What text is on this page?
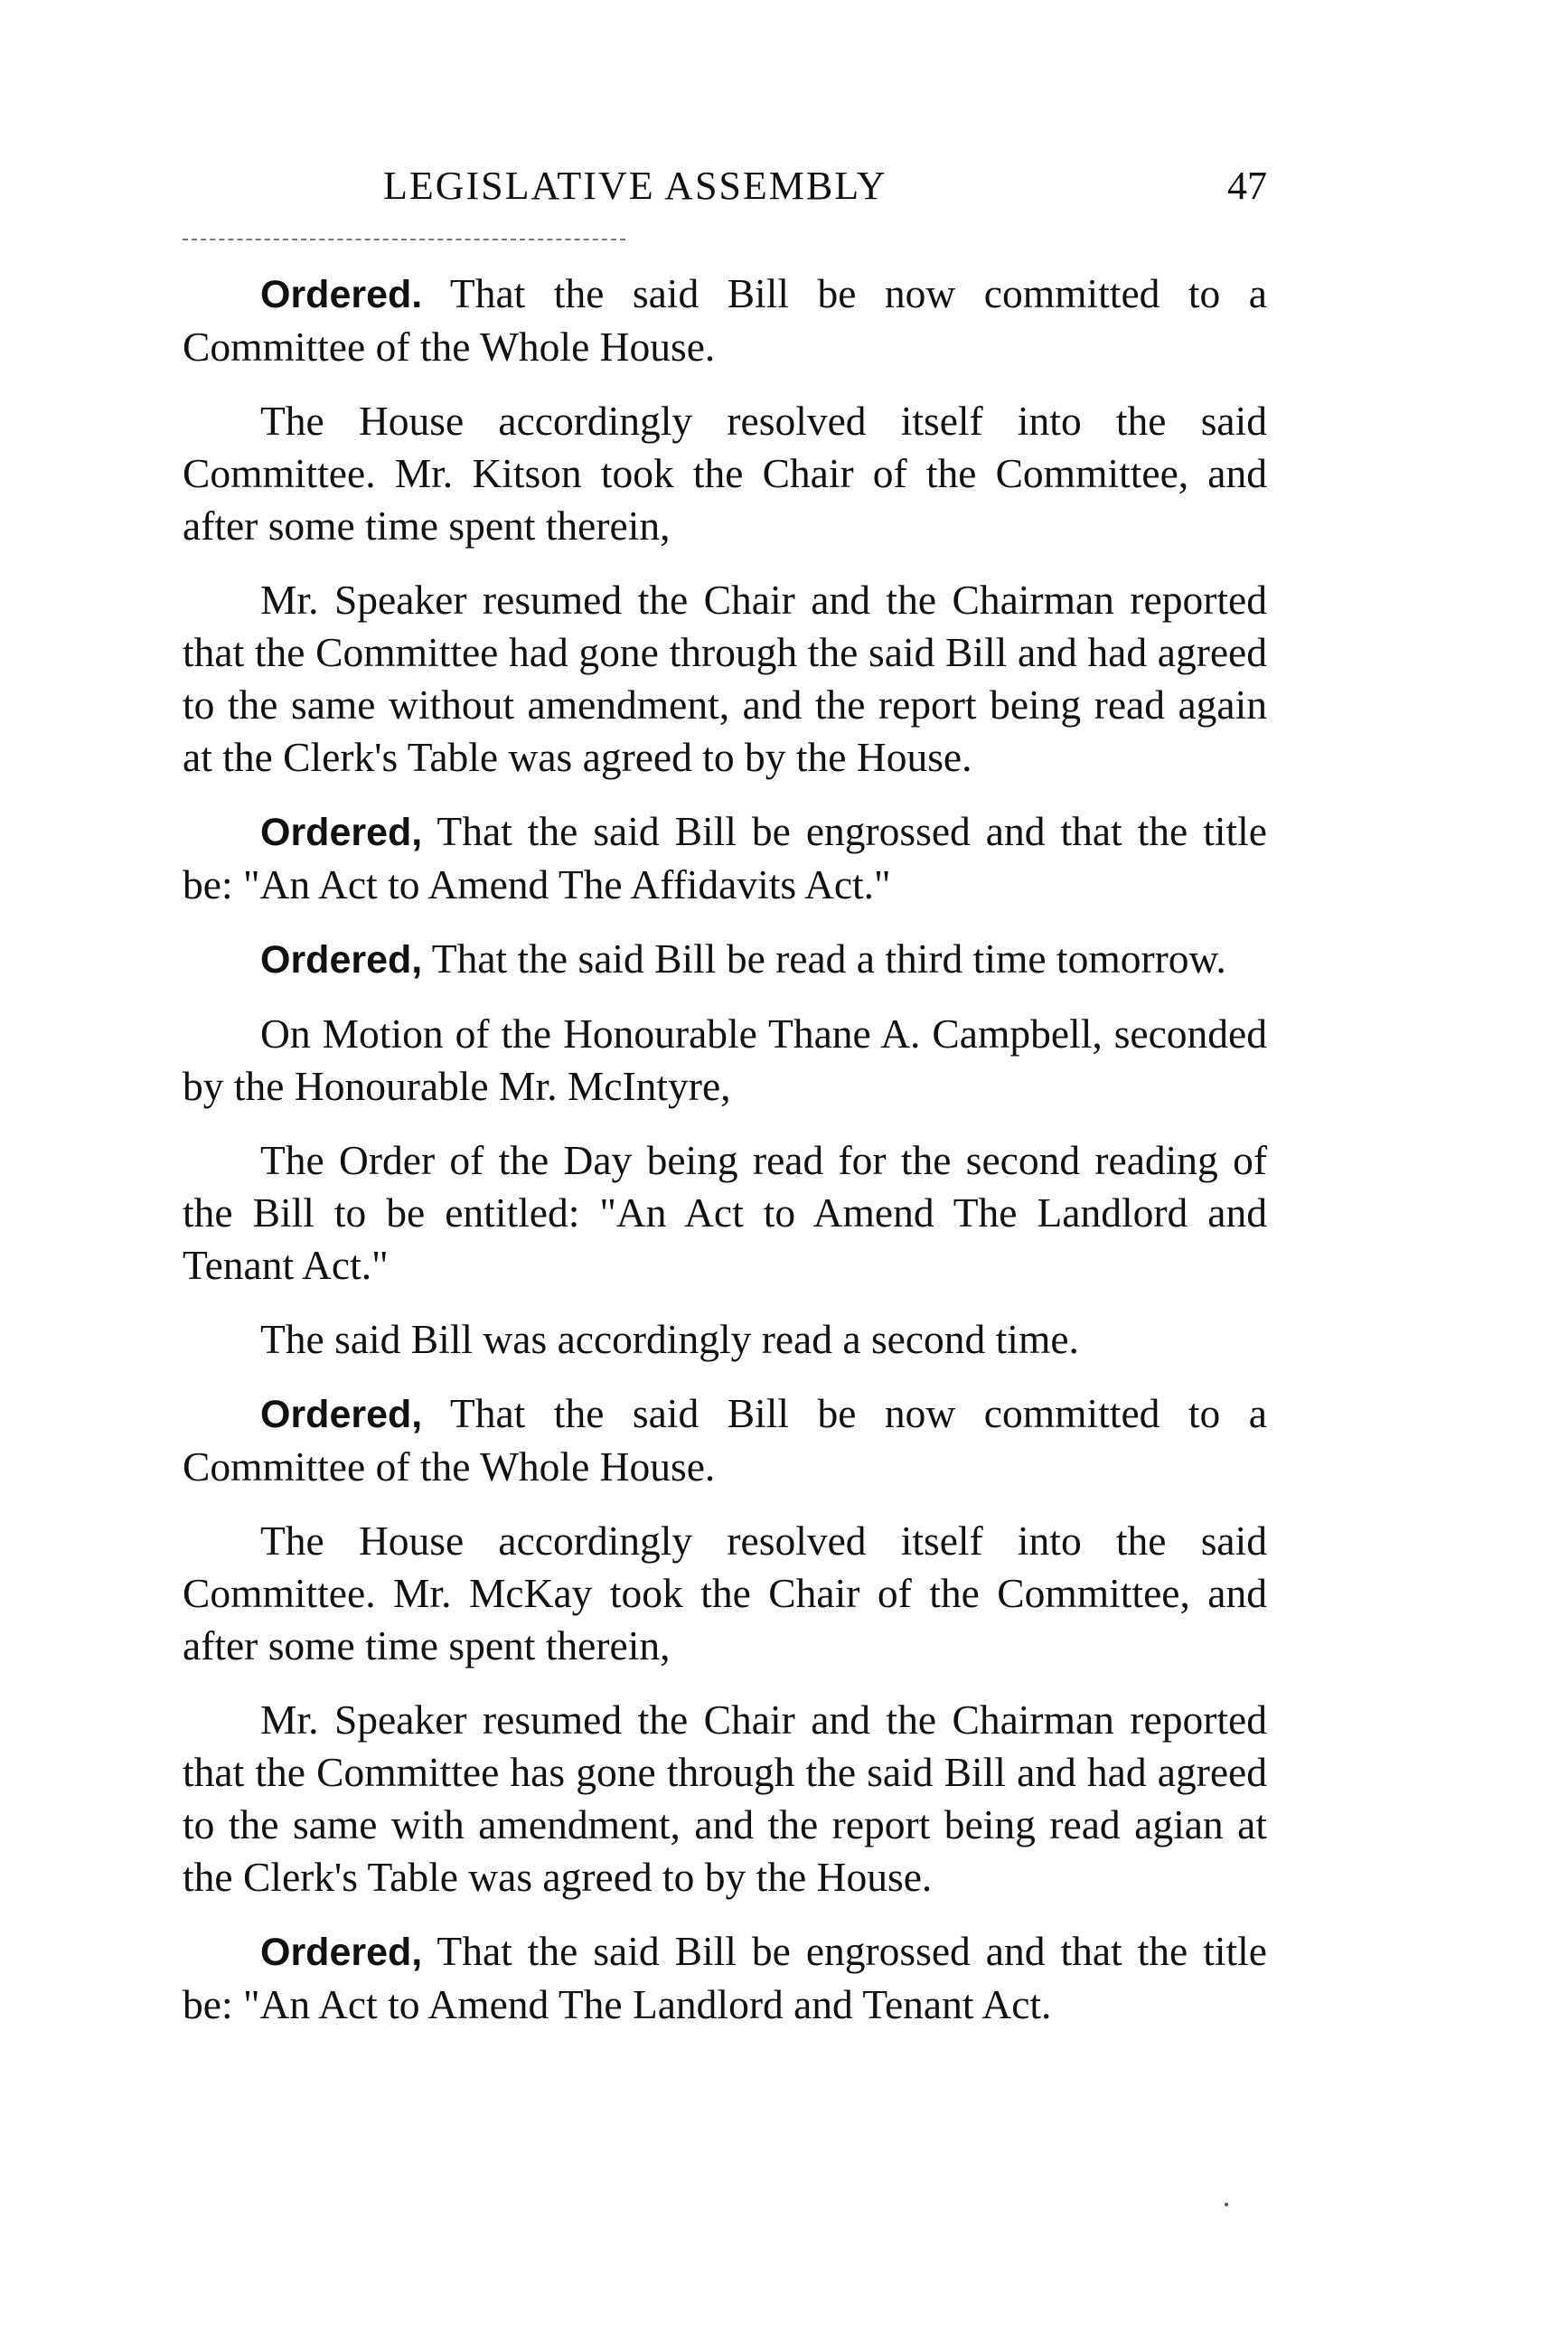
LEGISLATIVE ASSEMBLY	47

Ordered. That the said Bill be now committed to a Committee of the Whole House.

The House accordingly resolved itself into the said Committee. Mr. Kitson took the Chair of the Committee, and after some time spent therein,

Mr. Speaker resumed the Chair and the Chairman reported that the Committee had gone through the said Bill and had agreed to the same without amendment, and the report being read again at the Clerk's Table was agreed to by the House.

Ordered, That the said Bill be engrossed and that the title be: "An Act to Amend The Affidavits Act."

Ordered, That the said Bill be read a third time tomorrow.

On Motion of the Honourable Thane A. Campbell, seconded by the Honourable Mr. McIntyre,

The Order of the Day being read for the second reading of the Bill to be entitled: "An Act to Amend The Landlord and Tenant Act."

The said Bill was accordingly read a second time.

Ordered, That the said Bill be now committed to a Committee of the Whole House.

The House accordingly resolved itself into the said Committee. Mr. McKay took the Chair of the Committee, and after some time spent therein,

Mr. Speaker resumed the Chair and the Chairman reported that the Committee has gone through the said Bill and had agreed to the same with amendment, and the report being read agian at the Clerk's Table was agreed to by the House.

Ordered, That the said Bill be engrossed and that the title be: "An Act to Amend The Landlord and Tenant Act.
